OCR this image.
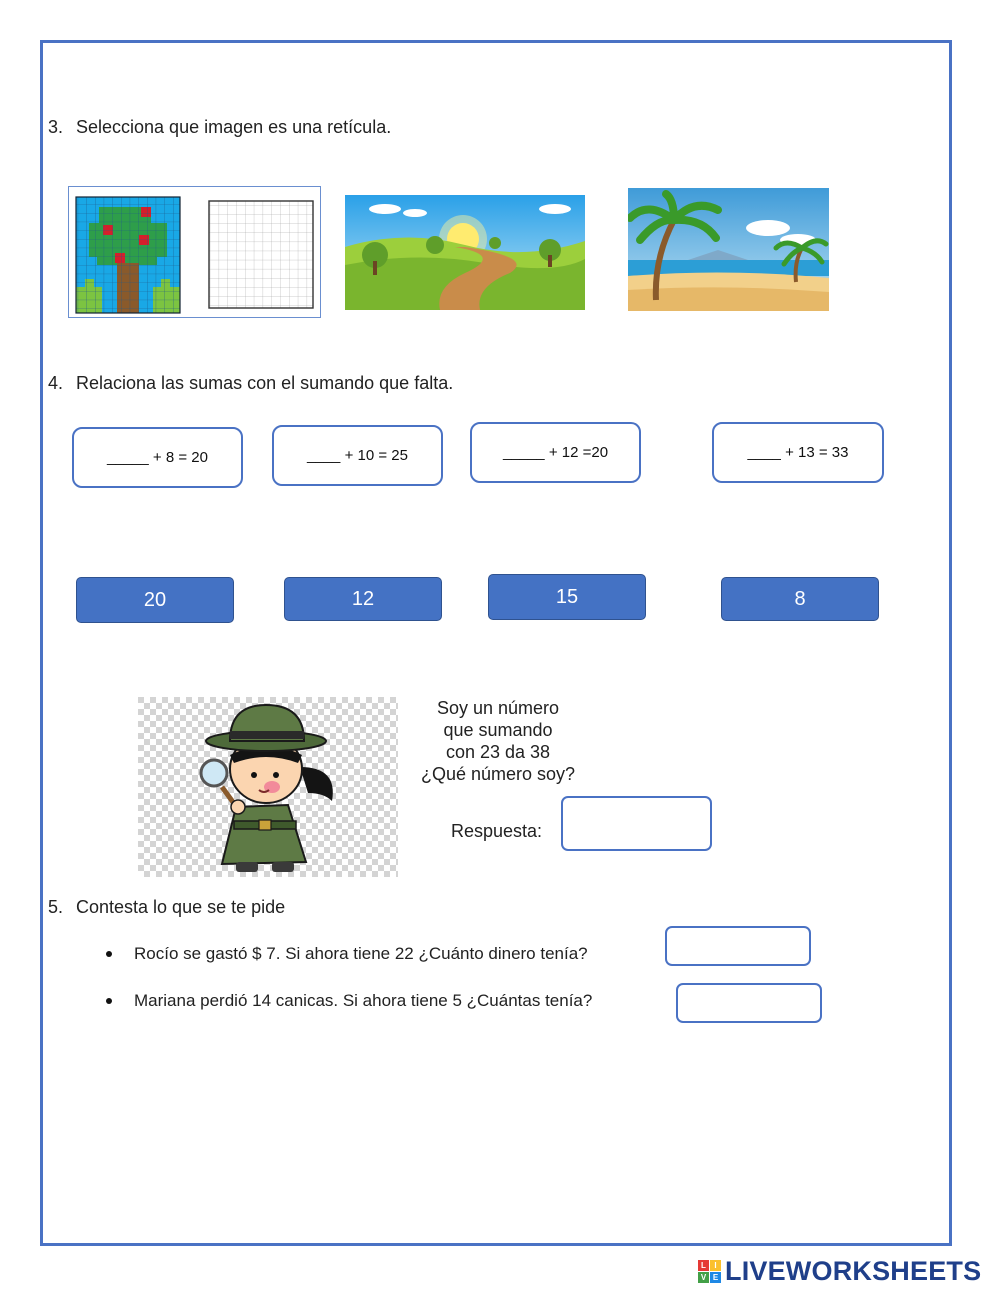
3. Selecciona que imagen es una retícula.
4. Relaciona las sumas con el sumando que falta.
_____ + 8 = 20	____ + 10 = 25	_____ + 12 =20	____ + 13 = 33
20	12	15	8
Soy un número
que sumando
con 23 da 38
¿Qué número soy?
Respuesta:
5. Contesta lo que se te pide
Rocío se gastó $ 7. Si ahora tiene 22 ¿Cuánto dinero tenía?
Mariana perdió 14 canicas. Si ahora tiene 5 ¿Cuántas tenía?
L	I
V E LIVEWORKSHEETS
